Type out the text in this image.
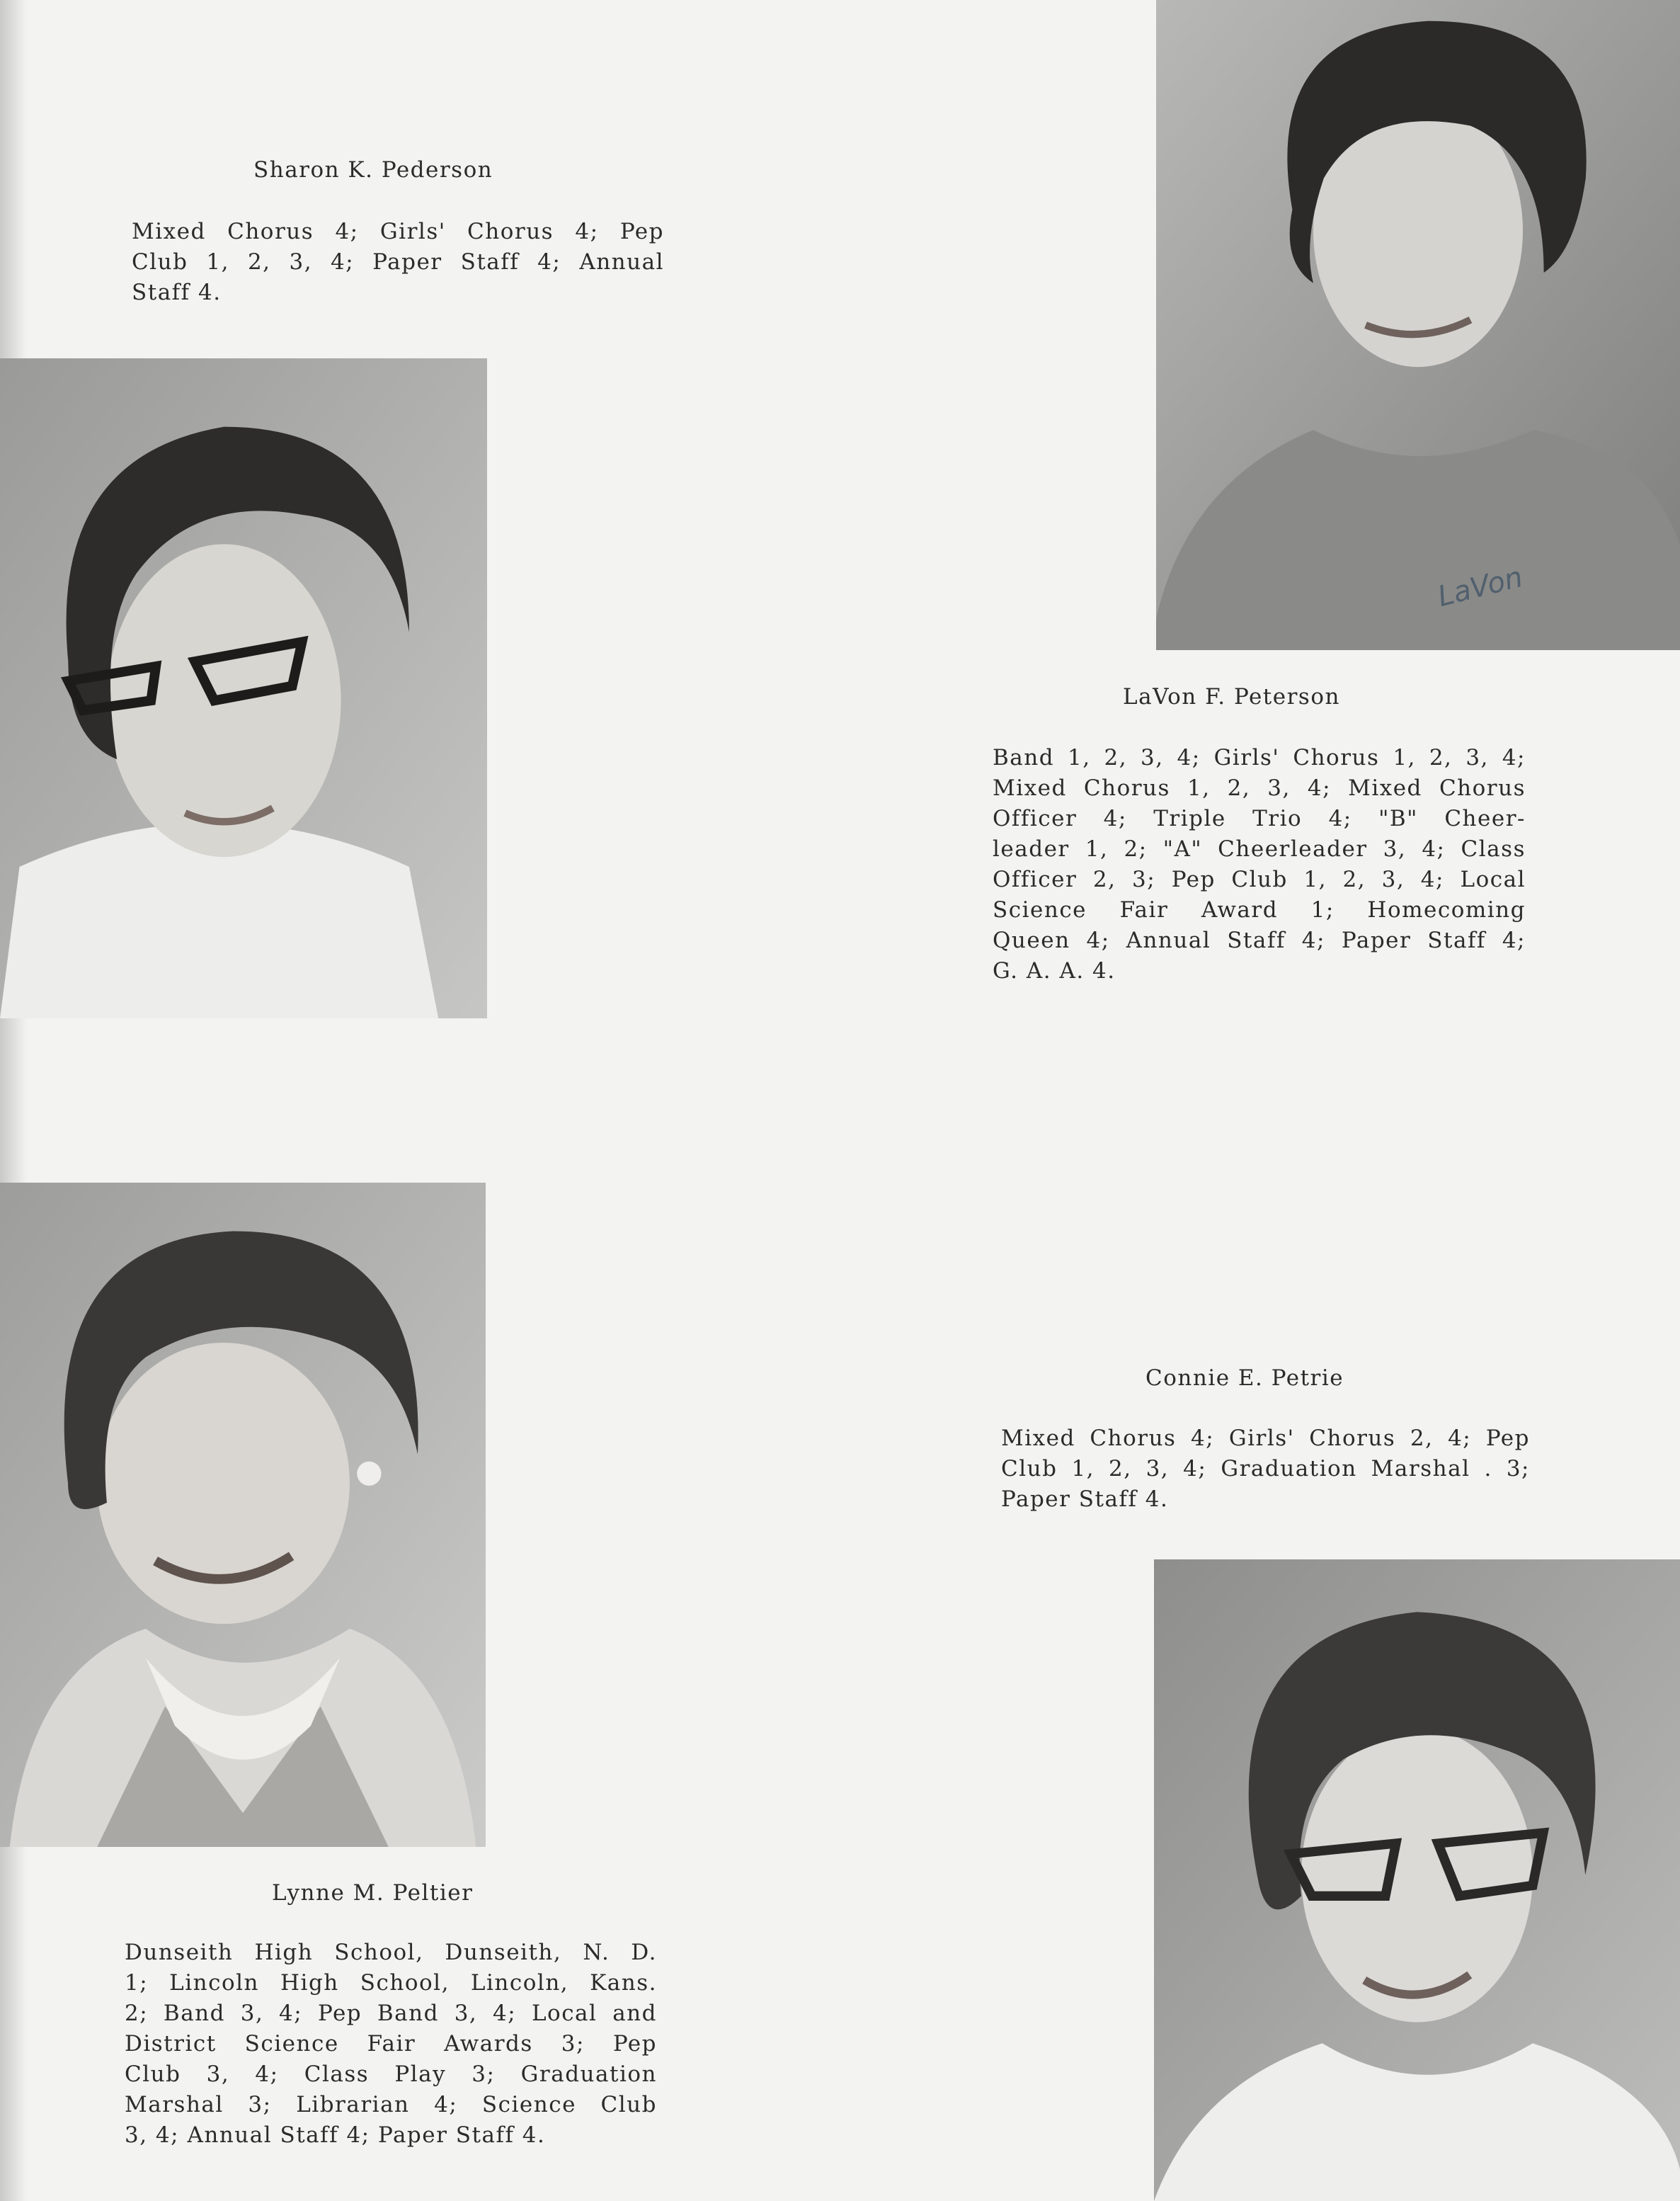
Sharon K. Pederson
Mixed Chorus 4; Girls' Chorus 4; Pep
Club 1, 2, 3, 4; Paper Staff 4; Annual
Staff 4.
LaVon
LaVon F. Peterson
Band 1, 2, 3, 4; Girls' Chorus 1, 2, 3, 4;
Mixed Chorus 1, 2, 3, 4; Mixed Chorus
Officer 4; Triple Trio 4; "B" Cheer-
leader 1, 2; "A" Cheerleader 3, 4; Class
Officer 2, 3; Pep Club 1, 2, 3, 4; Local
Science Fair Award 1; Homecoming
Queen 4; Annual Staff 4; Paper Staff 4;
G. A. A. 4.
Lynne M. Peltier
Dunseith High School, Dunseith, N. D.
1; Lincoln High School, Lincoln, Kans.
2; Band 3, 4; Pep Band 3, 4; Local and
District Science Fair Awards 3; Pep
Club 3, 4; Class Play 3; Graduation
Marshal 3; Librarian 4; Science Club
3, 4; Annual Staff 4; Paper Staff 4.
Connie E. Petrie
Mixed Chorus 4; Girls' Chorus 2, 4; Pep
Club 1, 2, 3, 4; Graduation Marshal . 3;
Paper Staff 4.
